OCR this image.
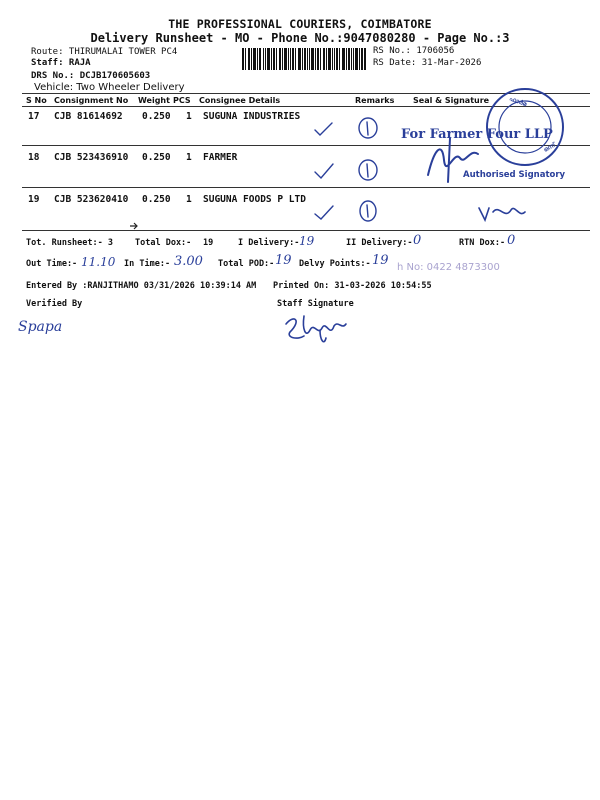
THE PROFESSIONAL COURIERS, COIMBATORE
Delivery Runsheet - MO - Phone No.:9047080280 - Page No.:3
Route: THIRUMALAI TOWER PC4
Staff: RAJA
DRS No.: DCJB170605603
Vehicle: Two Wheeler Delivery
RS No.: 1706056
RS Date: 31-Mar-2026
S No Consignment No Weight PCS Consignee Details	Remarks Seal & Signature
17 CJB 81614692 0.250 1 SUGUNA INDUSTRIES
18 CJB 523436910 0.250 1 FARMER
19 CJB 523620410 0.250 1 SUGUNA FOODS P LTD
ഫാർമ
ഒന്ന്
For Farmer Four LLP
Authorised Signatory
Tot. Runsheet:- 3	Total Dox:- 19	I Delivery:- 19	II Delivery:- 0	RTN Dox:- 0
Out Time:- 11.10 In Time:- 3.00 Total POD:- 19 Delvy Points:- 19 h No: 0422 4873300
Entered By :RANJITHAMO 03/31/2026 10:39:14 AM Printed On: 31-03-2026 10:54:55
Verified By	Staff Signature
Spapa
